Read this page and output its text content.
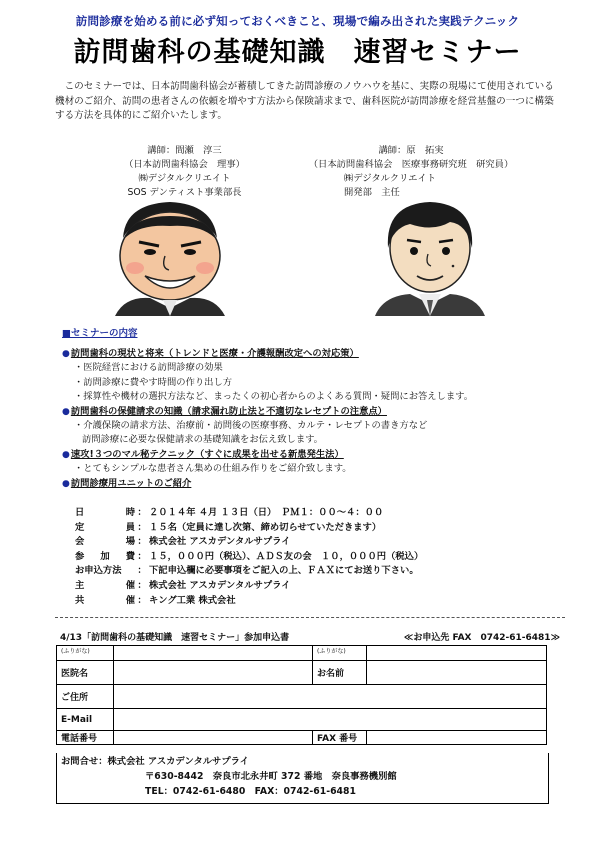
訪問診療を始める前に必ず知っておくべきこと、現場で編み出された実践テクニック
訪問歯科の基礎知識　速習セミナー
　このセミナーでは、日本訪問歯科協会が蓄積してきた訪問診療のノウハウを基に、実際の現場にて使用されている機材のご紹介、訪問の患者さんの依頼を増やす方法から保険請求まで、歯科医院が訪問診療を経営基盤の一つに構築する方法を具体的にご紹介いたします。
講師：間瀬　淳三
（日本訪問歯科協会　理事）
㈱デジタルクリエイト
SOS デンティスト事業部長
講師：原　拓実
（日本訪問歯科協会　医療事務研究班　研究員）
㈱デジタルクリエイト
開発部　主任
■セミナーの内容
●訪問歯科の現状と将来（トレンドと医療・介護報酬改定への対応策）
・医院経営における訪問診療の効果
・訪問診療に費やす時間の作り出し方
・採算性や機材の選択方法など、まったくの初心者からのよくある質問・疑問にお答えします。
●訪問歯科の保健請求の知識（請求漏れ防止法と不適切なレセプトの注意点）
・介護保険の請求方法、治療前・訪問後の医療事務、カルテ・レセプトの書き方など
訪問診療に必要な保健請求の基礎知識をお伝え致します。
●速攻!３つのマル秘テクニック（すぐに成果を出せる新患発生法）
・とてもシンプルな患者さん集めの仕組み作りをご紹介致します。
●訪問診療用ユニットのご紹介
日	時 ： ２０１４年 ４月 １３日（日）　ＰＭ１：００～４：００
定	員 ： １５名（定員に達し次第、締め切らせていただきます）
会	場 ： 株式会社 アスカデンタルサプライ
参 加 費 ： １５，０００円（税込）、ＡＤＳ友の会　１０，０００円（税込）
お申込方法 ： 下記申込欄に必要事項をご記入の上、ＦＡＸにてお送り下さい。
主	催 ： 株式会社 アスカデンタルサプライ
共	催 ： キング工業 株式会社
4/13「訪問歯科の基礎知識　速習セミナー」参加申込書	≪お申込先 FAX　0742-61-6481≫
(ふりがな)		(ふりがな)	
医院名		お名前	
ご住所			
E-Mail			
電話番号		FAX 番号	
お問合せ：株式会社 アスカデンタルサプライ
〒630-8442　奈良市北永井町 372 番地　奈良事務機別館
TEL：0742-61-6480　FAX：0742-61-6481
